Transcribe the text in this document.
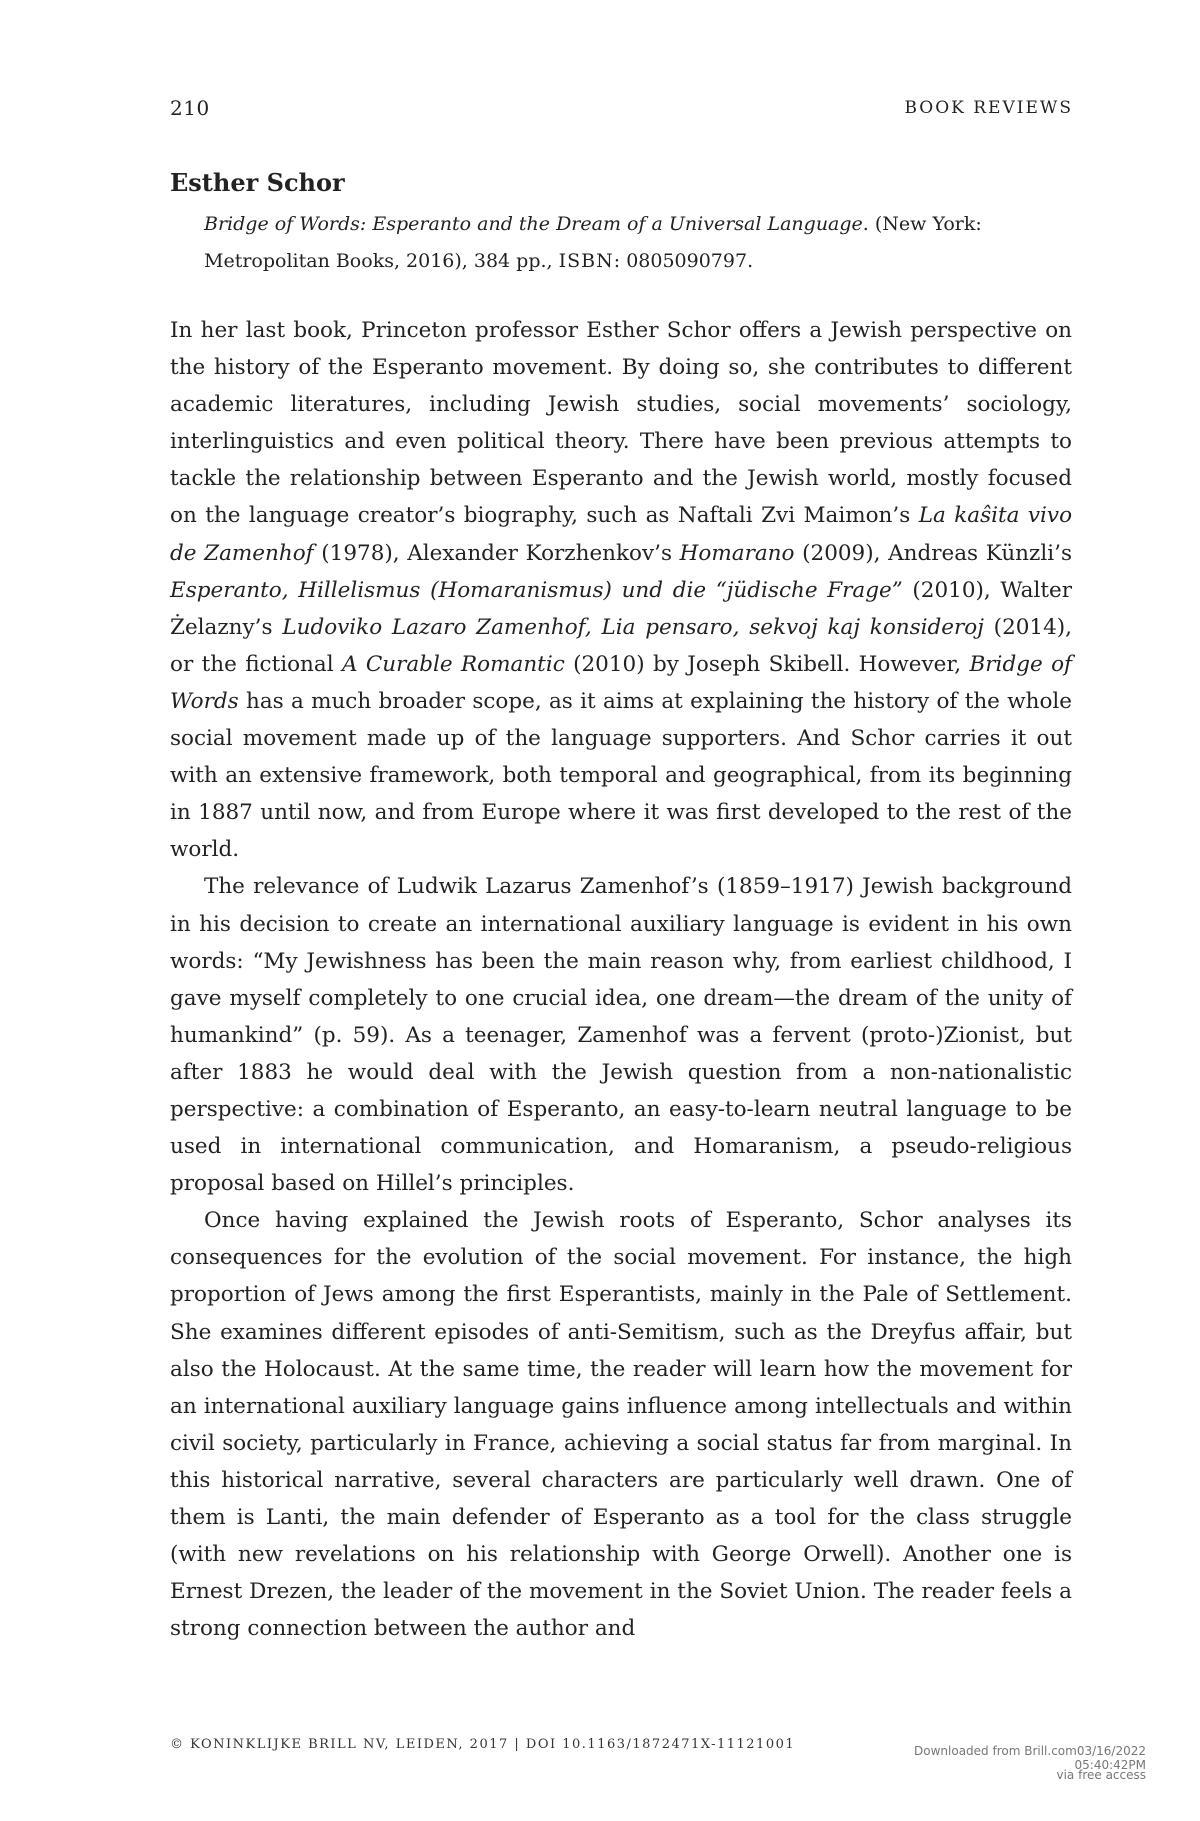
210	BOOK REVIEWS
Esther Schor
Bridge of Words: Esperanto and the Dream of a Universal Language. (New York: Metropolitan Books, 2016), 384 pp., ISBN: 0805090797.

In her last book, Princeton professor Esther Schor offers a Jewish perspective on the history of the Esperanto movement. By doing so, she contributes to different academic literatures, including Jewish studies, social movements’ sociology, interlinguistics and even political theory. There have been previous attempts to tackle the relationship between Esperanto and the Jewish world, mostly focused on the language creator’s biography, such as Naftali Zvi Maimon’s La kaŝita vivo de Zamenhof (1978), Alexander Korzhenkov’s Homarano (2009), Andreas Künzli’s Esperanto, Hillelismus (Homaranismus) und die “jüdische Frage” (2010), Walter Żelazny’s Ludoviko Lazaro Zamenhof, Lia pensaro, sekvoj kaj konsideroj (2014), or the fictional A Curable Romantic (2010) by Joseph Skibell. However, Bridge of Words has a much broader scope, as it aims at explaining the history of the whole social movement made up of the language supporters. And Schor carries it out with an extensive framework, both temporal and geographical, from its beginning in 1887 until now, and from Europe where it was first developed to the rest of the world.

The relevance of Ludwik Lazarus Zamenhof’s (1859–1917) Jewish background in his decision to create an international auxiliary language is evident in his own words: “My Jewishness has been the main reason why, from earliest childhood, I gave myself completely to one crucial idea, one dream—the dream of the unity of humankind” (p. 59). As a teenager, Zamenhof was a fervent (proto-)Zionist, but after 1883 he would deal with the Jewish question from a non-nationalistic perspective: a combination of Esperanto, an easy-to-learn neutral language to be used in international communication, and Homaranism, a pseudo-religious proposal based on Hillel’s principles.

Once having explained the Jewish roots of Esperanto, Schor analyses its consequences for the evolution of the social movement. For instance, the high proportion of Jews among the first Esperantists, mainly in the Pale of Settlement. She examines different episodes of anti-Semitism, such as the Dreyfus affair, but also the Holocaust. At the same time, the reader will learn how the movement for an international auxiliary language gains influence among intellectuals and within civil society, particularly in France, achieving a social status far from marginal. In this historical narrative, several characters are particularly well drawn. One of them is Lanti, the main defender of Esperanto as a tool for the class struggle (with new revelations on his relationship with George Orwell). Another one is Ernest Drezen, the leader of the movement in the Soviet Union. The reader feels a strong connection between the author and

© KONINKLIJKE BRILL NV, LEIDEN, 2017 | DOI 10.1163/1872471X-11121001	Downloaded from Brill.com03/16/2022 05:40:42PM
via free access
